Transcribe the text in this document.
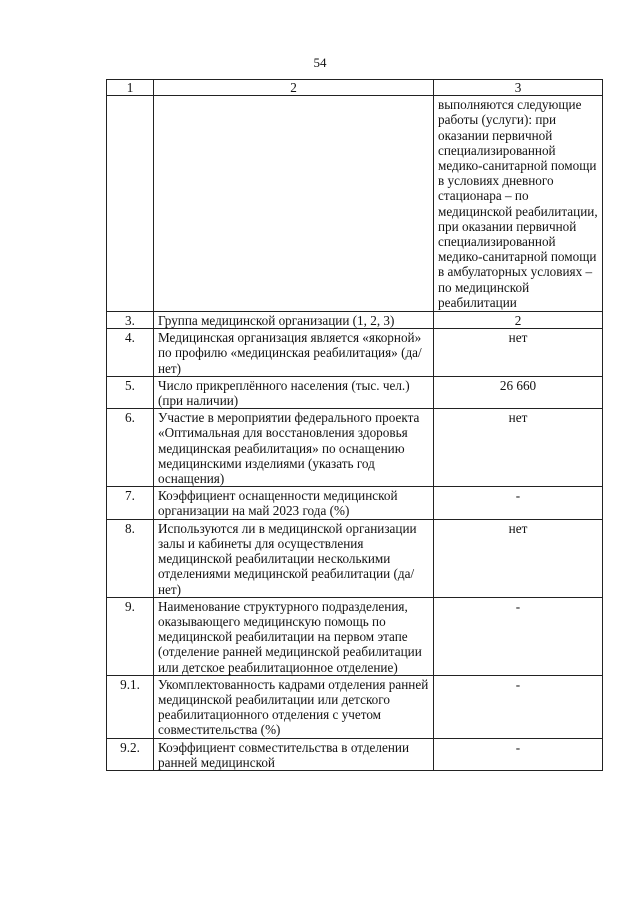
54
1	2	3
		выполняются следующие работы (услуги): при оказании первичной специализированной медико-санитарной помощи в условиях дневного стационара – по медицинской реабилитации, при оказании первичной специализированной медико-санитарной помощи в амбулаторных условиях – по медицинской реабилитации
3.	Группа медицинской организации (1, 2, 3)	2
4.	Медицинская организация является «якорной» по профилю «медицинская реабилитация» (да/нет)	нет
5.	Число прикреплённого населения (тыс. чел.) (при наличии)	26 660
6.	Участие в мероприятии федерального проекта «Оптимальная для восстановления здоровья медицинская реабилитация» по оснащению медицинскими изделиями (указать год оснащения)	нет
7.	Коэффициент оснащенности медицинской организации на май 2023 года (%)	-
8.	Используются ли в медицинской организации залы и кабинеты для осуществления медицинской реабилитации несколькими отделениями медицинской реабилитации (да/нет)	нет
9.	Наименование структурного подразделения, оказывающего медицинскую помощь по медицинской реабилитации на первом этапе (отделение ранней медицинской реабилитации или детское реабилитационное отделение)	-
9.1.	Укомплектованность кадрами отделения ранней медицинской реабилитации или детского реабилитационного отделения с учетом совместительства (%)	-
9.2.	Коэффициент совместительства в отделении ранней медицинской	-
